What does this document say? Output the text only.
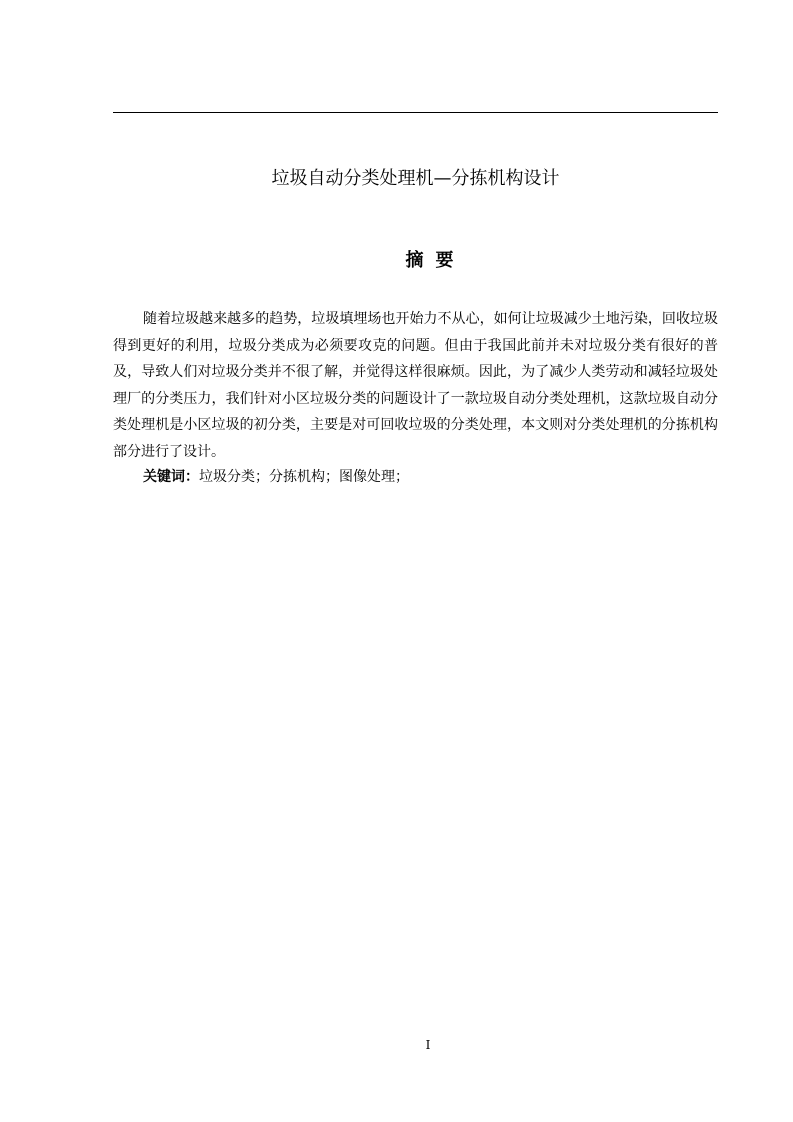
垃圾自动分类处理机—分拣机构设计
摘要

随着垃圾越来越多的趋势，垃圾填埋场也开始力不从心，如何让垃圾减少土地污染，回收垃圾得到更好的利用，垃圾分类成为必须要攻克的问题。但由于我国此前并未对垃圾分类有很好的普及，导致人们对垃圾分类并不很了解，并觉得这样很麻烦。因此，为了减少人类劳动和减轻垃圾处理厂的分类压力，我们针对小区垃圾分类的问题设计了一款垃圾自动分类处理机，这款垃圾自动分类处理机是小区垃圾的初分类，主要是对可回收垃圾的分类处理，本文则对分类处理机的分拣机构部分进行了设计。

关键词：垃圾分类；分拣机构；图像处理；
I
